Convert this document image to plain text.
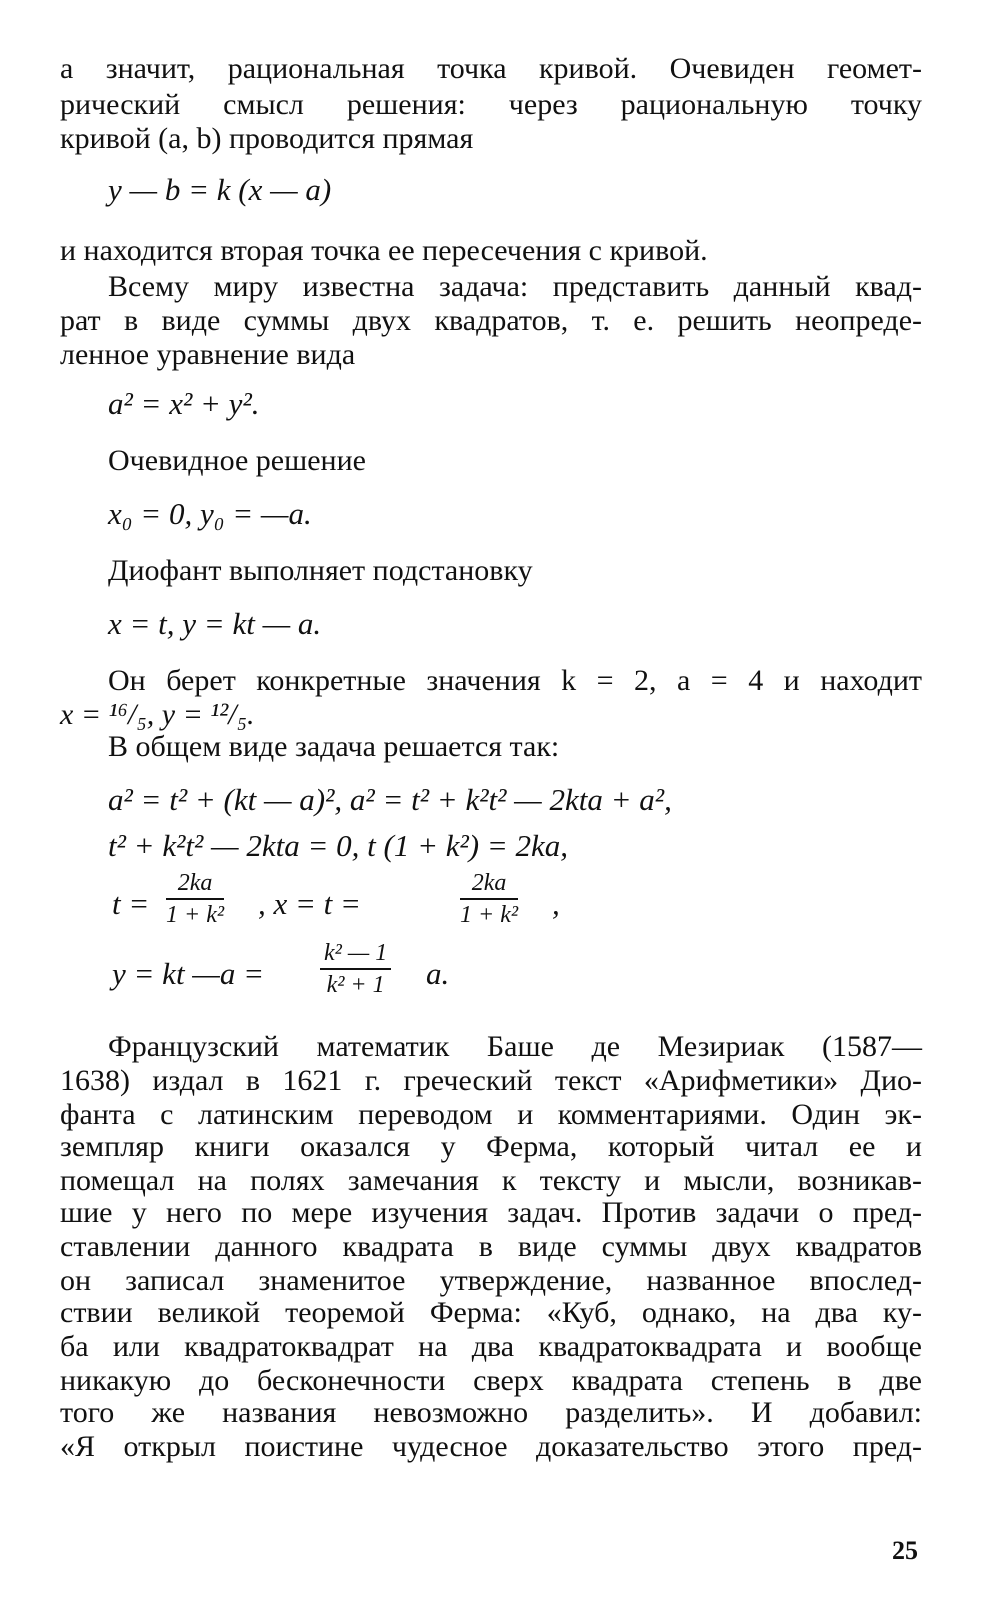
а значит, рациональная точка кривой. Очевиден геомет-
рический смысл решения: через рациональную точку
кривой (a, b) проводится прямая
y — b = k (x — a)
и находится вторая точка ее пересечения с кривой.
Всему миру известна задача: представить данный квад-
рат в виде суммы двух квадратов, т. е. решить неопреде-
ленное уравнение вида
a² = x² + y².
Очевидное решение
x₀ = 0, y₀ = —a.
Диофант выполняет подстановку
x = t, y = kt — a.
Он берет конкретные значения k = 2, a = 4 и находит
x = ¹⁶/₅, y = ¹²/₅.
В общем виде задача решается так:
a² = t² + (kt — a)², a² = t² + k²t² — 2kta + a²,
t² + k²t² — 2kta = 0, t (1 + k²) = 2ka,
$t = \frac{2ka}{\text{1 + k²}}$ , x = t =	$\frac{2ka}{\text{1 + k²}}$ ,
y = kt —a = $\frac{\text{k² — 1}}{\text{k² + 1}} a$.
Французский математик Баше де Мезириак (1587—
1638) издал в 1621 г. греческий текст «Арифметики» Дио-
фанта с латинским переводом и комментариями. Один эк-
земпляр книги оказался у Ферма, который читал ее и
помещал на полях замечания к тексту и мысли, возникав-
шие у него по мере изучения задач. Против задачи о пред-
ставлении данного квадрата в виде суммы двух квадратов
он записал знаменитое утверждение, названное впослед-
ствии великой теоремой Ферма: «Куб, однако, на два ку-
ба или квадратоквадрат на два квадратоквадрата и вообще
никакую до бесконечности сверх квадрата степень в две
того же названия невозможно разделить». И добавил:
«Я открыл поистине чудесное доказательство этого пред-
25
